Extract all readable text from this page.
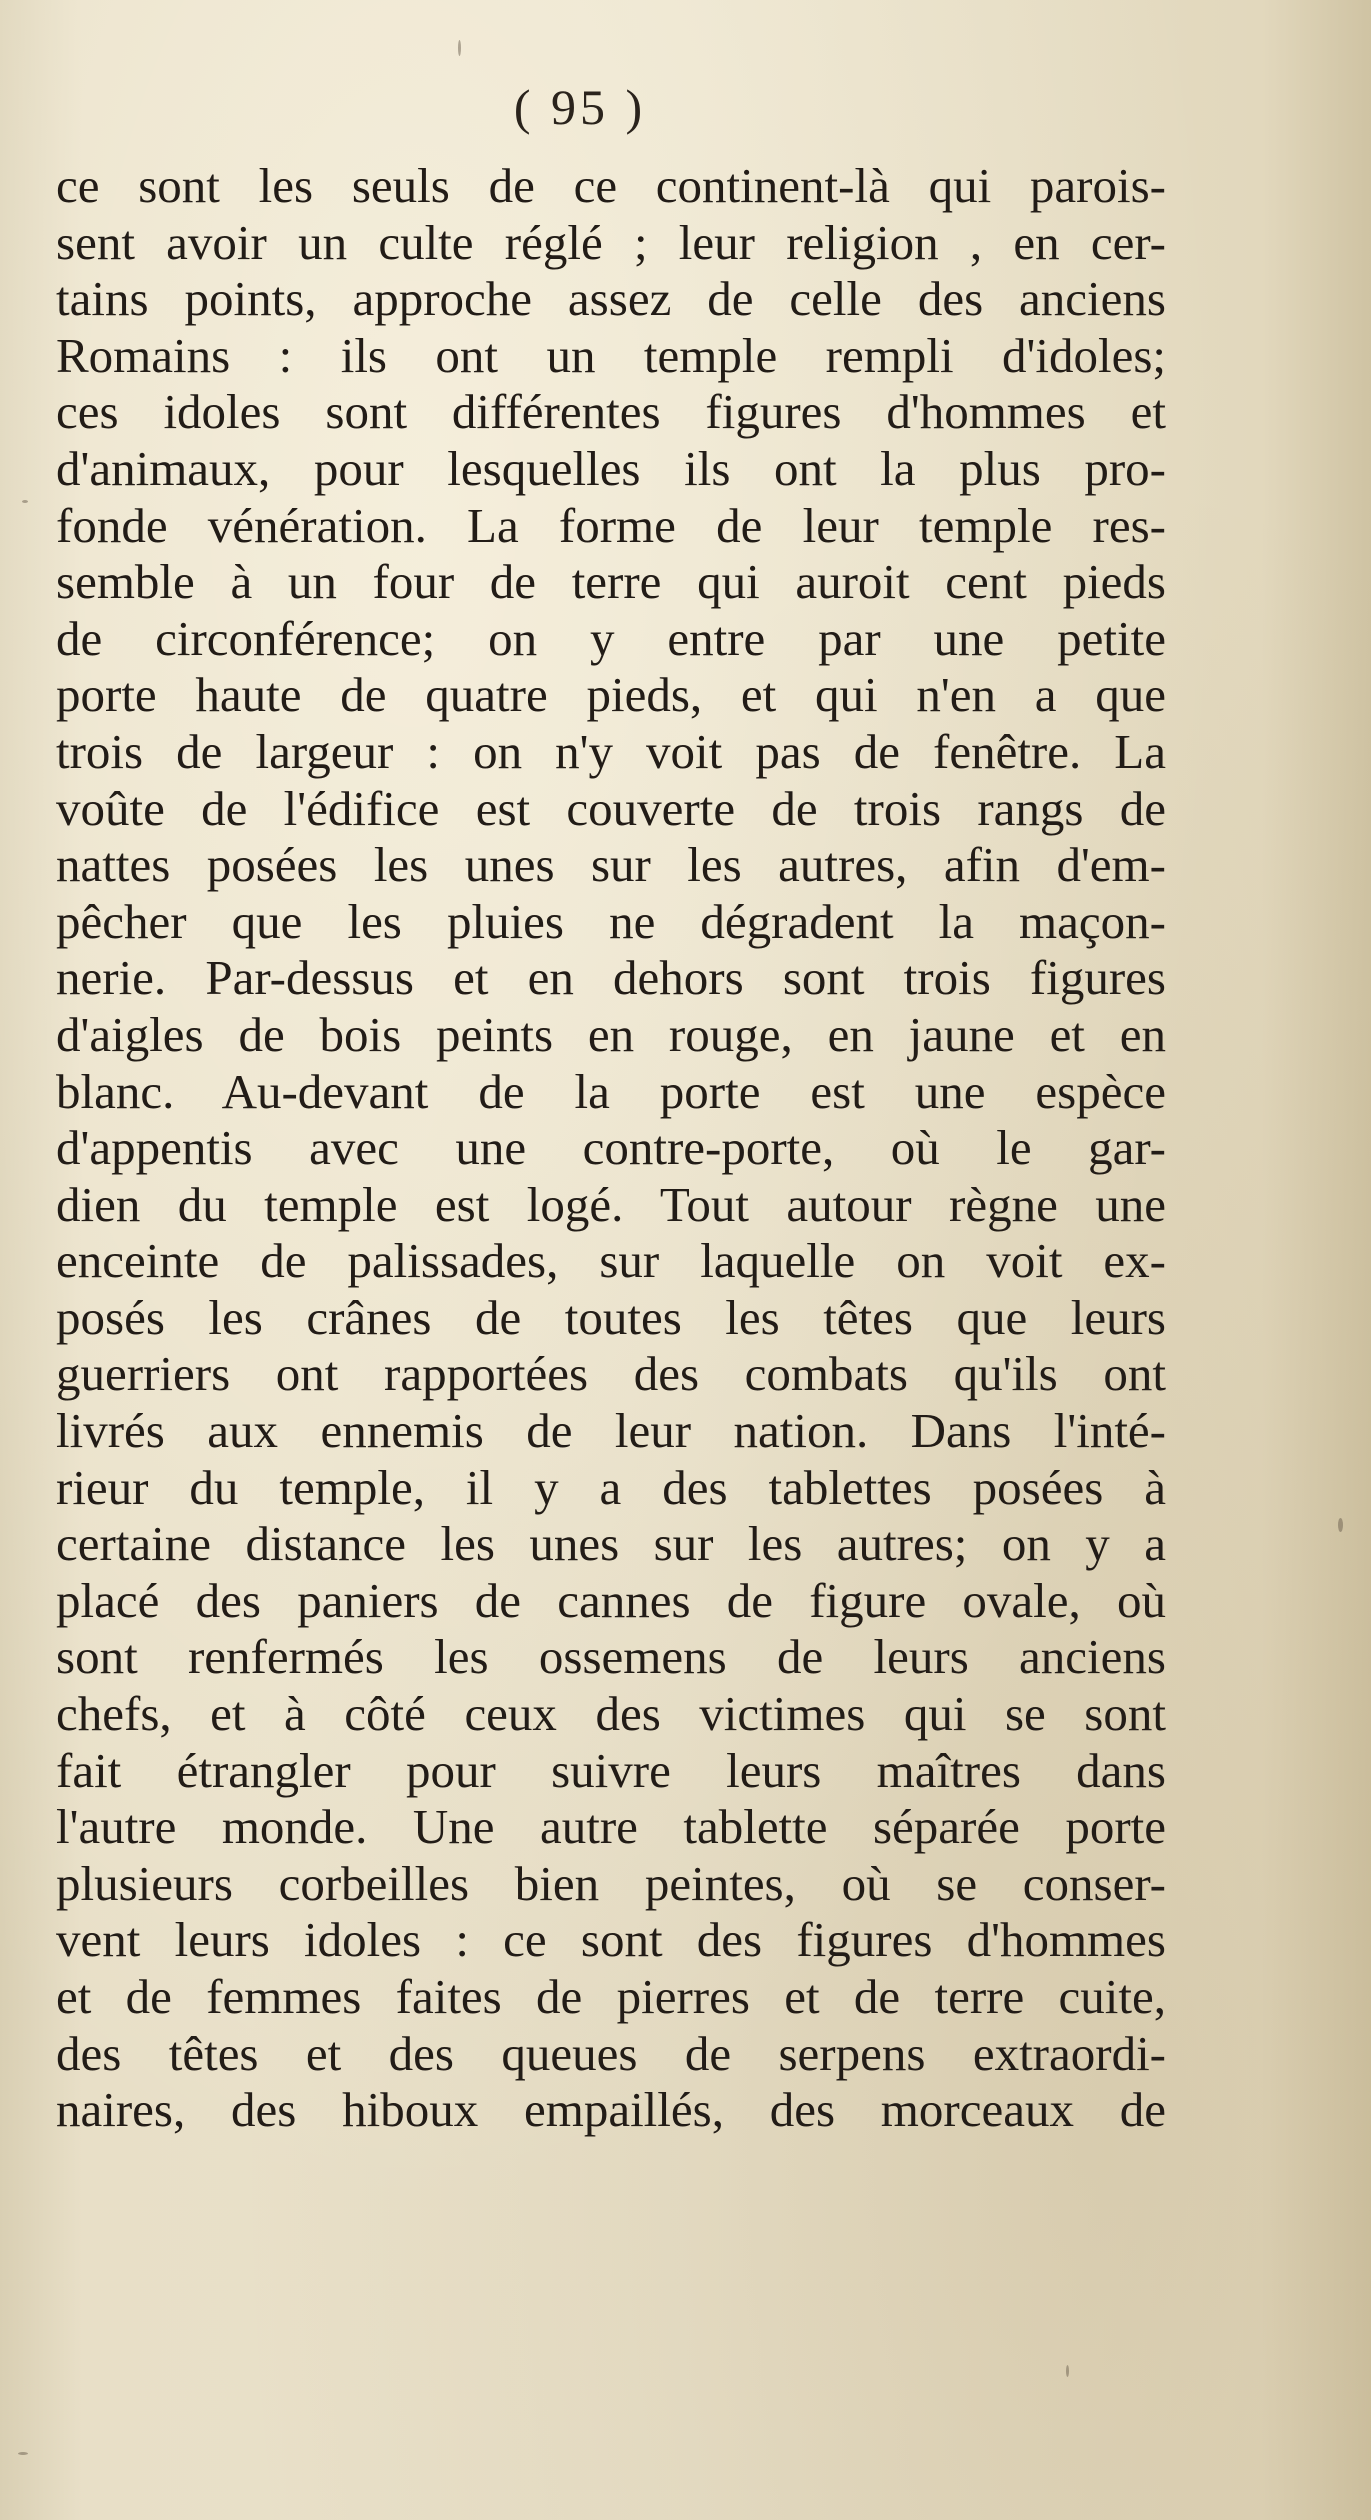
( 95 )
ce sont les seuls de ce continent-là qui parois-
sent avoir un culte réglé ; leur religion , en cer-
tains points, approche assez de celle des anciens
Romains : ils ont un temple rempli d'idoles;
ces idoles sont différentes figures d'hommes et
d'animaux, pour lesquelles ils ont la plus pro-
fonde vénération. La forme de leur temple res-
semble à un four de terre qui auroit cent pieds
de circonférence; on y entre par une petite
porte haute de quatre pieds, et qui n'en a que
trois de largeur : on n'y voit pas de fenêtre. La
voûte de l'édifice est couverte de trois rangs de
nattes posées les unes sur les autres, afin d'em-
pêcher que les pluies ne dégradent la maçon-
nerie. Par-dessus et en dehors sont trois figures
d'aigles de bois peints en rouge, en jaune et en
blanc. Au-devant de la porte est une espèce
d'appentis avec une contre-porte, où le gar-
dien du temple est logé. Tout autour règne une
enceinte de palissades, sur laquelle on voit ex-
posés les crânes de toutes les têtes que leurs
guerriers ont rapportées des combats qu'ils ont
livrés aux ennemis de leur nation. Dans l'inté-
rieur du temple, il y a des tablettes posées à
certaine distance les unes sur les autres; on y a
placé des paniers de cannes de figure ovale, où
sont renfermés les ossemens de leurs anciens
chefs, et à côté ceux des victimes qui se sont
fait étrangler pour suivre leurs maîtres dans
l'autre monde. Une autre tablette séparée porte
plusieurs corbeilles bien peintes, où se conser-
vent leurs idoles : ce sont des figures d'hommes
et de femmes faites de pierres et de terre cuite,
des têtes et des queues de serpens extraordi-
naires, des hiboux empaillés, des morceaux de
